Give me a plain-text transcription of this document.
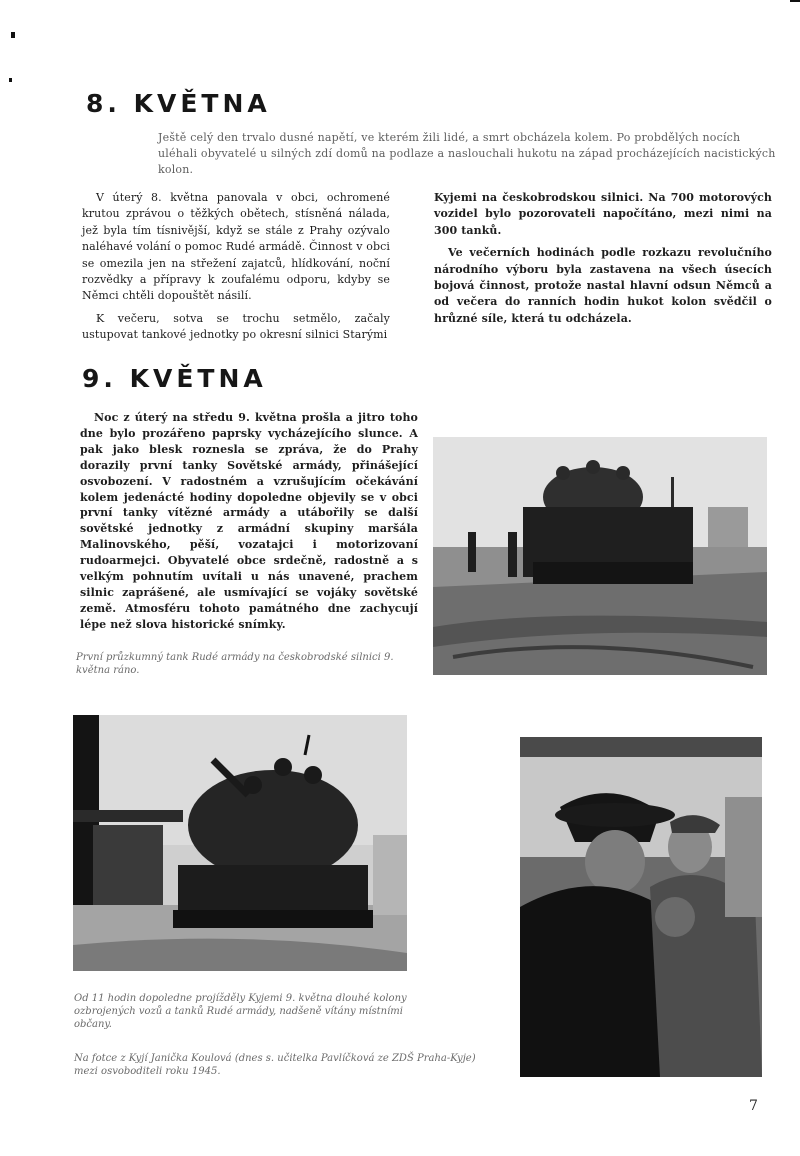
8. KVĚTNA
Ještě celý den trvalo dusné napětí, ve kterém žili lidé, a smrt obcházela kolem. Po probdělých nocích uléhali obyvatelé u silných zdí domů na podlaze a naslouchali hukotu na západ procházejících nacistických kolon.

V úterý 8. května panovala v obci, ochromené krutou zprávou o těžkých obětech, stísněná nálada, jež byla tím tísnivější, když se stále z Prahy ozývalo naléhavé volání o pomoc Rudé armádě. Činnost v obci se omezila jen na střežení zajatců, hlídkování, noční rozvědky a přípravy k zoufalému odporu, kdyby se Němci chtěli dopouštět násilí.

K večeru, sotva se trochu setmělo, začaly ustupovat tankové jednotky po okresní silnici Starými

Kyjemi na českobrodskou silnici. Na 700 motorových vozidel bylo pozorovateli napočítáno, mezi nimi na 300 tanků.

Ve večerních hodinách podle rozkazu revolučního národního výboru byla zastavena na všech úsecích bojová činnost, protože nastal hlavní odsun Němců a od večera do ranních hodin hukot kolon svědčil o hrůzné síle, která tu odcházela.

9. KVĚTNA

Noc z úterý na středu 9. května prošla a jitro toho dne bylo prozářeno paprsky vycházejícího slunce. A pak jako blesk roznesla se zpráva, že do Prahy dorazily první tanky Sovětské armády, přinášející osvobození. V radostném a vzrušujícím očekávání kolem jedenácté hodiny dopoledne objevily se v obci první tanky vítězné armády a utábořily se další sovětské jednotky z armádní skupiny maršála Malinovského, pěší, vozatajci i motorizovaní rudoarmejci. Obyvatelé obce srdečně, radostně a s velkým pohnutím uvítali u nás unavené, prachem silnic zaprášené, ale usmívající se vojáky sovětské země. Atmosféru tohoto památného dne zachycují lépe než slova historické snímky.

První průzkumný tank Rudé armády na českobrodské silnici 9. května ráno.
Od 11 hodin dopoledne projížděly Kyjemi 9. května dlouhé kolony ozbrojených vozů a tanků Rudé armády, nadšeně vítány místními občany.
Na fotce z Kyjí Janička Koulová (dnes s. učitelka Pavlíčková ze ZDŠ Praha-Kyje) mezi osvoboditeli roku 1945.
7
